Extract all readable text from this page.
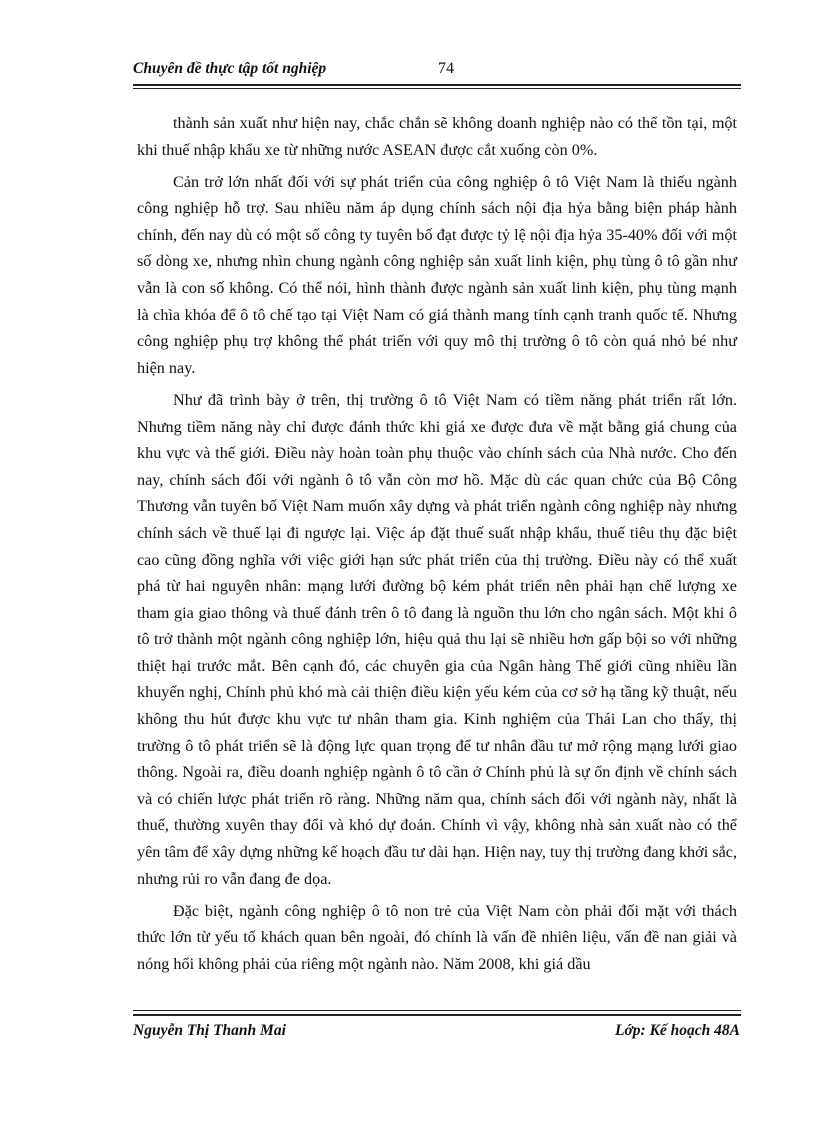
Chuyên đề thực tập tốt nghiệp	74

thành sản xuất như hiện nay, chắc chắn sẽ không doanh nghiệp nào có thể tồn tại, một khi thuế nhập khẩu xe từ những nước ASEAN được cắt xuống còn 0%.

Cản trở lớn nhất đối với sự phát triển của công nghiệp ô tô Việt Nam là thiếu ngành công nghiệp hỗ trợ. Sau nhiều năm áp dụng chính sách nội địa hỷa bằng biện pháp hành chính, đến nay dù có một số công ty tuyên bố đạt được tỷ lệ nội địa hỷa 35-40% đối với một số dòng xe, nhưng nhìn chung ngành công nghiệp sản xuất linh kiện, phụ tùng ô tô gần như vẫn là con số không. Có thể nói, hình thành được ngành sản xuất linh kiện, phụ tùng mạnh là chìa khóa để ô tô chế tạo tại Việt Nam có giá thành mang tính cạnh tranh quốc tế. Nhưng công nghiệp phụ trợ không thể phát triển với quy mô thị trường ô tô còn quá nhỏ bé như hiện nay.

Như đã trình bày ở trên, thị trường ô tô Việt Nam có tiềm năng phát triển rất lớn. Nhưng tiềm năng này chỉ được đánh thức khi giá xe được đưa về mặt bằng giá chung của khu vực và thế giới. Điều này hoàn toàn phụ thuộc vào chính sách của Nhà nước. Cho đến nay, chính sách đối với ngành ô tô vẫn còn mơ hồ. Mặc dù các quan chức của Bộ Công Thương vẫn tuyên bố Việt Nam muốn xây dựng và phát triển ngành công nghiệp này nhưng chính sách về thuế lại đi ngược lại. Việc áp đặt thuế suất nhập khẩu, thuế tiêu thụ đặc biệt cao cũng đồng nghĩa với việc giới hạn sức phát triển của thị trường. Điều này có thể xuất phá từ hai nguyên nhân: mạng lưới đường bộ kém phát triển nên phải hạn chế lượng xe tham gia giao thông và thuế đánh trên ô tô đang là nguồn thu lớn cho ngân sách. Một khi ô tô trở thành một ngành công nghiệp lớn, hiệu quả thu lại sẽ nhiều hơn gấp bội so với những thiệt hại trước mắt. Bên cạnh đó, các chuyên gia của Ngân hàng Thế giới cũng nhiều lần khuyến nghị, Chính phủ khó mà cải thiện điều kiện yếu kém của cơ sở hạ tầng kỹ thuật, nếu không thu hút được khu vực tư nhân tham gia. Kinh nghiệm của Thái Lan cho thấy, thị trường ô tô phát triển sẽ là động lực quan trọng để tư nhân đầu tư mở rộng mạng lưới giao thông. Ngoài ra, điều doanh nghiệp ngành ô tô cần ở Chính phủ là sự ổn định về chính sách và có chiến lược phát triển rõ ràng. Những năm qua, chính sách đối với ngành này, nhất là thuế, thường xuyên thay đổi và khó dự đoán. Chính vì vậy, không nhà sản xuất nào có thể yên tâm để xây dựng những kế hoạch đầu tư dài hạn. Hiện nay, tuy thị trường đang khởi sắc, nhưng rủi ro vẫn đang đe dọa.

Đặc biệt, ngành công nghiệp ô tô non trẻ của Việt Nam còn phải đối mặt với thách thức lớn từ yếu tố khách quan bên ngoài, đó chính là vấn đề nhiên liệu, vấn đề nan giải và nóng hổi không phải của riêng một ngành nào. Năm 2008, khi giá dầu

Nguyễn Thị Thanh Mai	Lớp: Kế hoạch 48A
